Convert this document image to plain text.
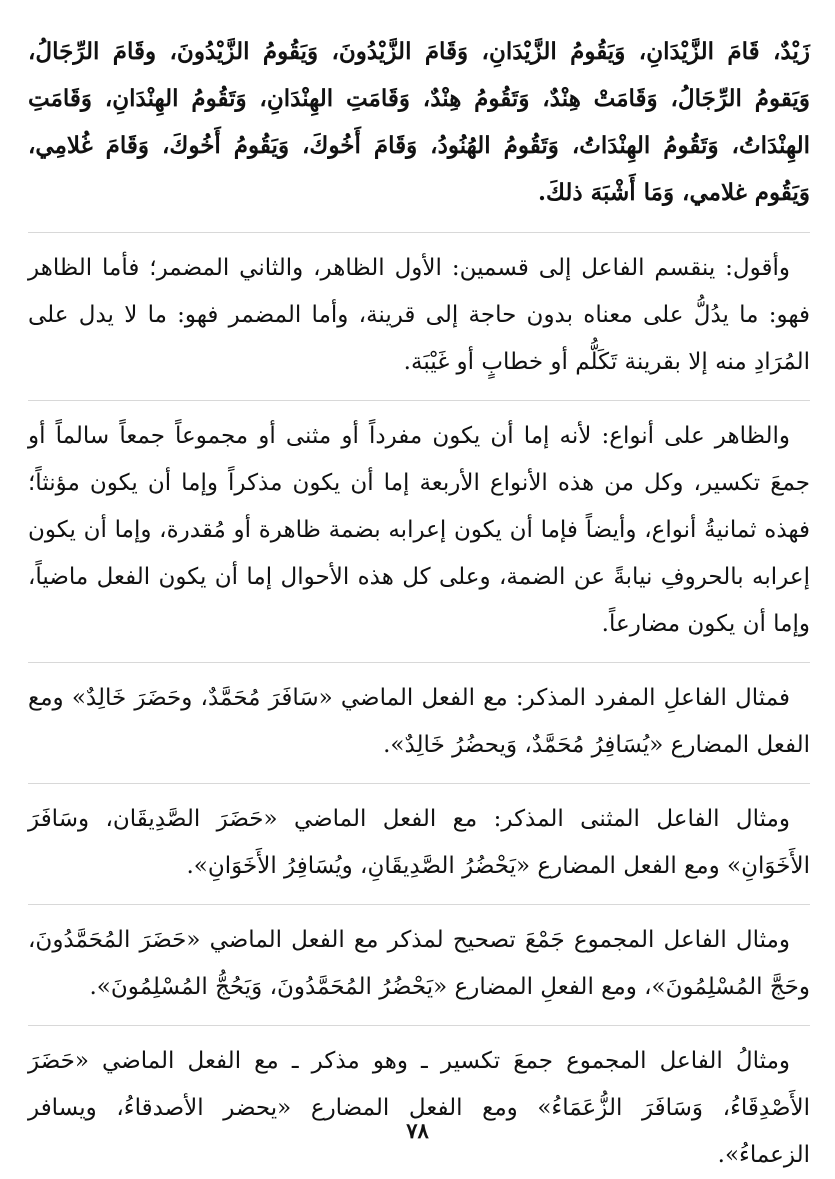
زَيْدٌ، قَامَ الزَّيْدَانِ، وَيَقُومُ الزَّيْدَانِ، وَقَامَ الزَّيْدُونَ، وَيَقُومُ الزَّيْدُونَ، وقَامَ الرِّجَالُ، وَيَقومُ الرِّجَالُ، وَقَامَتْ هِنْدٌ، وَتَقُومُ هِنْدٌ، وَقَامَتِ الهِنْدَانِ، وَتَقُومُ الهِنْدَانِ، وَقَامَتِ الهِنْدَاتُ، وَتَقُومُ الهِنْدَاتُ، وَتَقُومُ الهُنُودُ، وَقَامَ أَخُوكَ، وَيَقُومُ أَخُوكَ، وَقَامَ غُلامِي، وَيَقُوم غلامي، وَمَا أَشْبَهَ ذلكَ.

وأقول: ينقسم الفاعل إلى قسمين: الأول الظاهر، والثاني المضمر؛ فأما الظاهر فهو: ما يدُلُّ على معناه بدون حاجة إلى قرينة، وأما المضمر فهو: ما لا يدل على المُرَادِ منه إلا بقرينة تَكَلُّم أو خطابٍ أو غَيْبَة.

والظاهر على أنواع: لأنه إما أن يكون مفرداً أو مثنى أو مجموعاً جمعاً سالماً أو جمعَ تكسير، وكل من هذه الأنواع الأربعة إما أن يكون مذكراً وإما أن يكون مؤنثاً؛ فهذه ثمانيةُ أنواع، وأيضاً فإما أن يكون إعرابه بضمة ظاهرة أو مُقدرة، وإما أن يكون إعرابه بالحروفِ نيابةً عن الضمة، وعلى كل هذه الأحوال إما أن يكون الفعل ماضياً، وإما أن يكون مضارعاً.

فمثال الفاعلِ المفرد المذكر: مع الفعل الماضي «سَافَرَ مُحَمَّدٌ، وحَضَرَ خَالِدٌ» ومع الفعل المضارع «يُسَافِرُ مُحَمَّدٌ، وَيحضُرُ خَالِدٌ».

ومثال الفاعل المثنى المذكر: مع الفعل الماضي «حَضَرَ الصَّدِيقَان، وسَافَرَ الأَخَوَانِ» ومع الفعل المضارع «يَحْضُرُ الصَّدِيقَانِ، ويُسَافِرُ الأَخَوَانِ».

ومثال الفاعل المجموع جَمْعَ تصحيح لمذكر مع الفعل الماضي «حَضَرَ المُحَمَّدُونَ، وحَجَّ المُسْلِمُونَ»، ومع الفعلِ المضارع «يَحْضُرُ المُحَمَّدُونَ، وَيَحُجُّ المُسْلِمُونَ».

ومثالُ الفاعل المجموع جمعَ تكسير ـ وهو مذكر ـ مع الفعل الماضي «حَضَرَ الأَصْدِقَاءُ، وَسَافَرَ الزُّعَمَاءُ» ومع الفعل المضارع «يحضر الأصدقاءُ، ويسافر الزعماءُ».

٧٨
